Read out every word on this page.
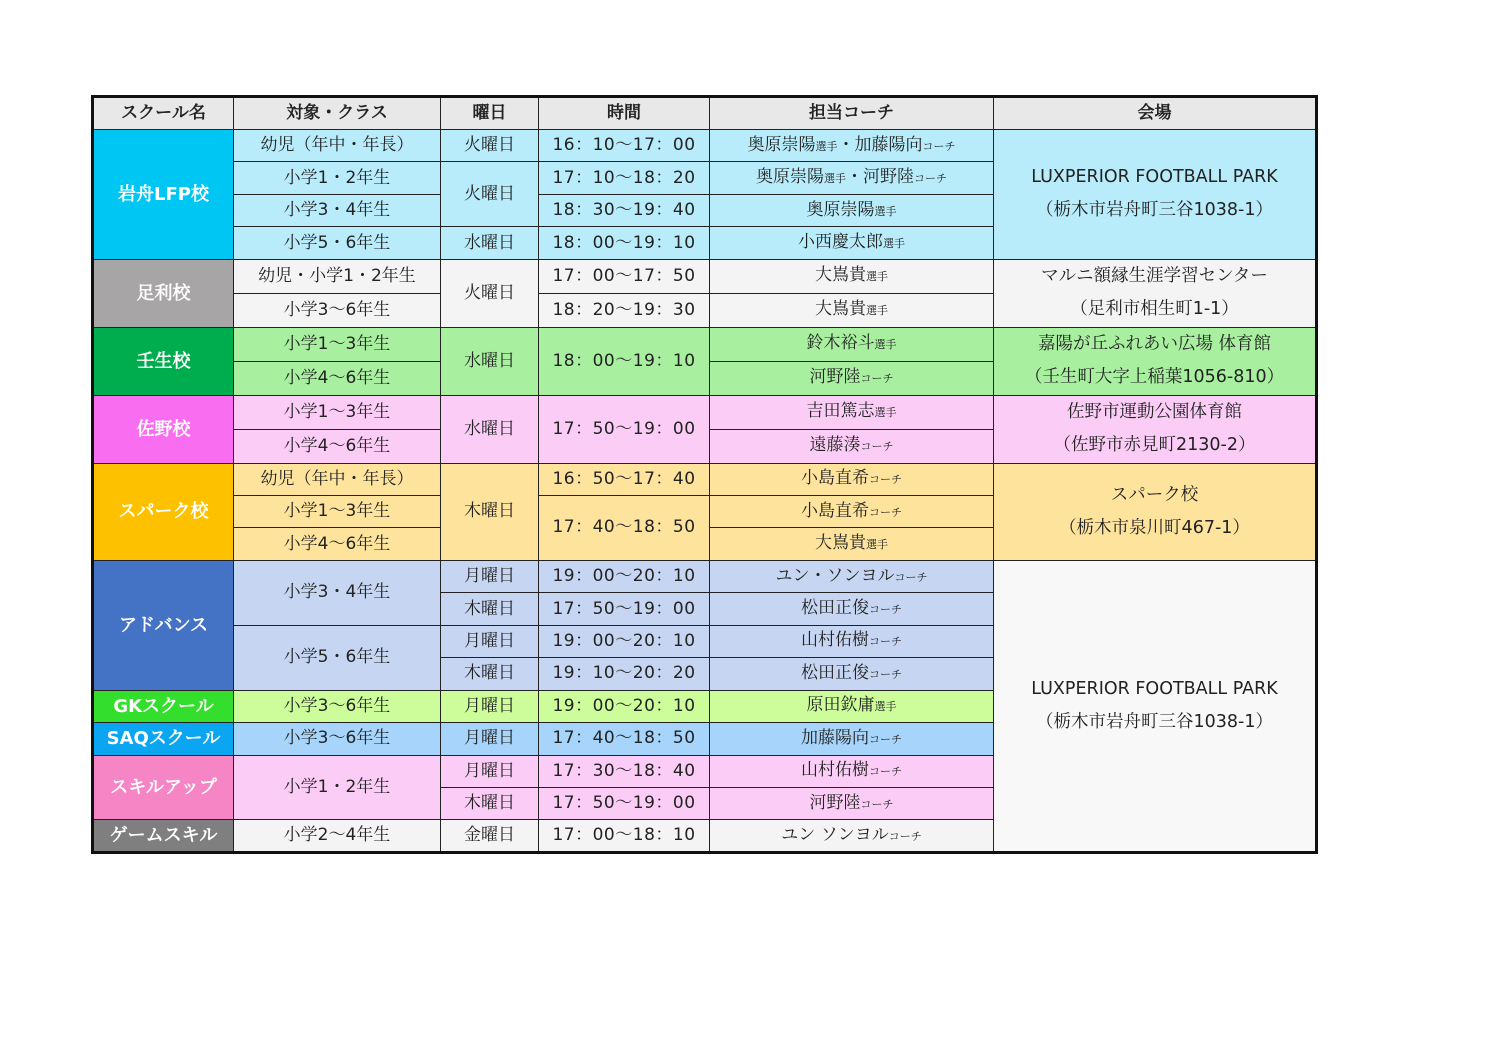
スクール名	対象・クラス	曜日	時間	担当コーチ	会場
岩舟LFP校	幼児（年中・年長）	火曜日	16：10～17：00	奥原崇陽選手・加藤陽向コーチ	LUXPERIOR FOOTBALL PARK
（栃木市岩舟町三谷1038-1）
	小学1・2年生	火曜日	17：10～18：20	奥原崇陽選手・河野陸コーチ	
	小学3・4年生		18：30～19：40	奥原崇陽選手	
	小学5・6年生	水曜日	18：00～19：10	小西慶太郎選手	
足利校	幼児・小学1・2年生	火曜日	17：00～17：50	大嶌貴選手	マルニ額縁生涯学習センター
（足利市相生町1-1）
	小学3～6年生		18：20～19：30	大嶌貴選手	
壬生校	小学1～3年生	水曜日	18：00～19：10	鈴木裕斗選手	嘉陽が丘ふれあい広場 体育館
（壬生町大字上稲葉1056-810）
	小学4～6年生			河野陸コーチ	
佐野校	小学1～3年生	水曜日	17：50～19：00	吉田篤志選手	佐野市運動公園体育館
（佐野市赤見町2130-2）
	小学4～6年生			遠藤湊コーチ	
スパーク校	幼児（年中・年長）	木曜日	16：50～17：40	小島直希コーチ	スパーク校
（栃木市泉川町467-1）
	小学1～3年生		17：40～18：50	小島直希コーチ	
	小学4～6年生			大嶌貴選手	
アドバンス	小学3・4年生	月曜日	19：00～20：10	ユン・ソンヨルコーチ	LUXPERIOR FOOTBALL PARK
（栃木市岩舟町三谷1038-1）
		木曜日	17：50～19：00	松田正俊コーチ	
	小学5・6年生	月曜日	19：00～20：10	山村佑樹コーチ	
		木曜日	19：10～20：20	松田正俊コーチ	
GKスクール	小学3～6年生	月曜日	19：00～20：10	原田欽庸選手	
SAQスクール	小学3～6年生	月曜日	17：40～18：50	加藤陽向コーチ	
スキルアップ	小学1・2年生	月曜日	17：30～18：40	山村佑樹コーチ	
		木曜日	17：50～19：00	河野陸コーチ	
ゲームスキル	小学2～4年生	金曜日	17：00～18：10	ユン ソンヨルコーチ	
